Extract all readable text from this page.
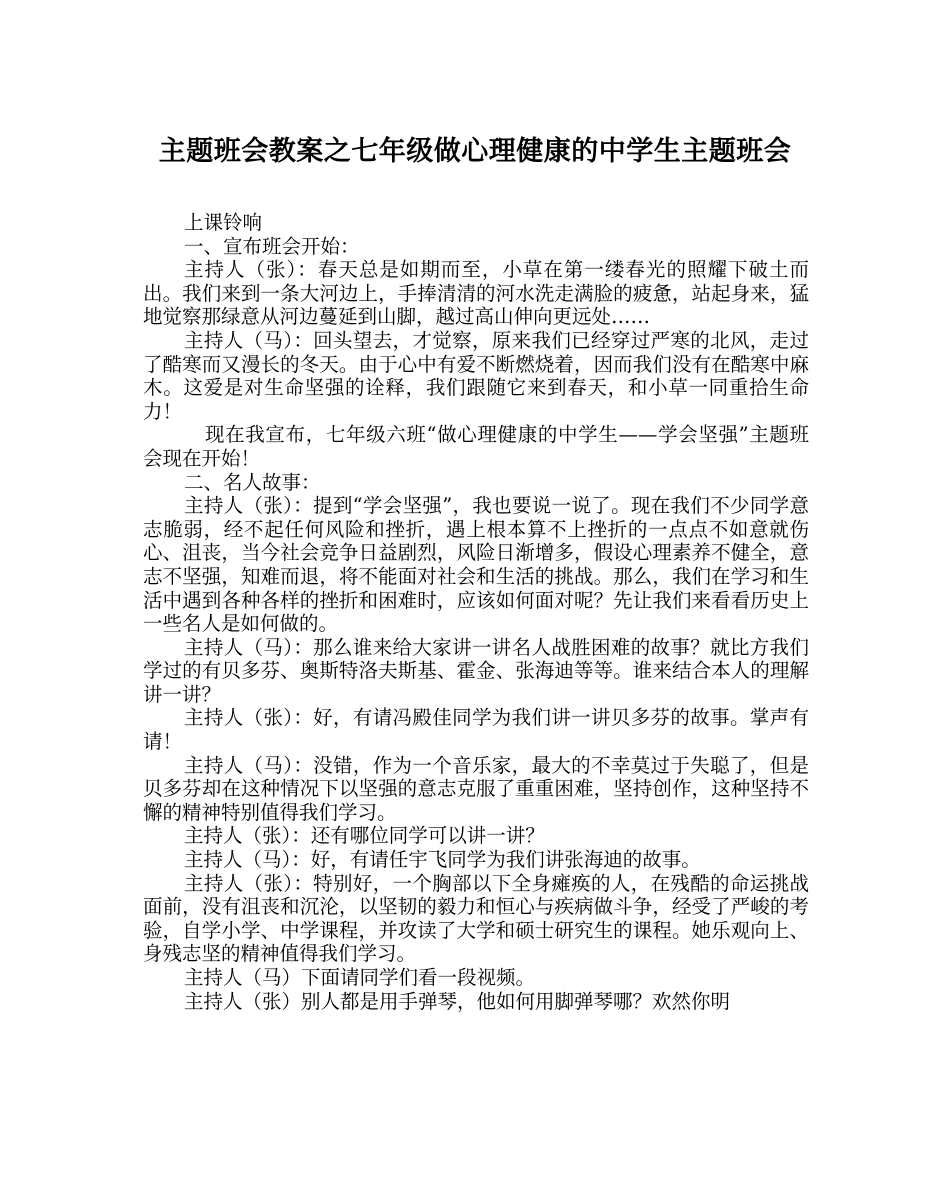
主题班会教案之七年级做心理健康的中学生主题班会

上课铃响

一、宣布班会开始：

主持人（张）：春天总是如期而至，小草在第一缕春光的照耀下破土而出。我们来到一条大河边上，手捧清清的河水洗走满脸的疲惫，站起身来，猛地觉察那绿意从河边蔓延到山脚，越过高山伸向更远处……

主持人（马）：回头望去，才觉察，原来我们已经穿过严寒的北风，走过了酷寒而又漫长的冬天。由于心中有爱不断燃烧着，因而我们没有在酷寒中麻木。这爱是对生命坚强的诠释，我们跟随它来到春天，和小草一同重拾生命力！

现在我宣布，七年级六班“做心理健康的中学生——学会坚强”主题班会现在开始！

二、名人故事：

主持人（张）：提到“学会坚强”，我也要说一说了。现在我们不少同学意志脆弱，经不起任何风险和挫折，遇上根本算不上挫折的一点点不如意就伤心、沮丧，当今社会竞争日益剧烈，风险日渐增多，假设心理素养不健全，意志不坚强，知难而退，将不能面对社会和生活的挑战。那么，我们在学习和生活中遇到各种各样的挫折和困难时，应该如何面对呢？先让我们来看看历史上一些名人是如何做的。

主持人（马）：那么谁来给大家讲一讲名人战胜困难的故事？就比方我们学过的有贝多芬、奥斯特洛夫斯基、霍金、张海迪等等。谁来结合本人的理解讲一讲？

主持人（张）：好，有请冯殿佳同学为我们讲一讲贝多芬的故事。掌声有请！

主持人（马）：没错，作为一个音乐家，最大的不幸莫过于失聪了，但是贝多芬却在这种情况下以坚强的意志克服了重重困难，坚持创作，这种坚持不懈的精神特别值得我们学习。

主持人（张）：还有哪位同学可以讲一讲？

主持人（马）：好，有请任宇飞同学为我们讲张海迪的故事。

主持人（张）：特别好，一个胸部以下全身瘫痪的人，在残酷的命运挑战面前，没有沮丧和沉沦，以坚韧的毅力和恒心与疾病做斗争，经受了严峻的考验，自学小学、中学课程，并攻读了大学和硕士研究生的课程。她乐观向上、身残志坚的精神值得我们学习。

主持人（马）下面请同学们看一段视频。

主持人（张）别人都是用手弹琴，他如何用脚弹琴哪？欢然你明
